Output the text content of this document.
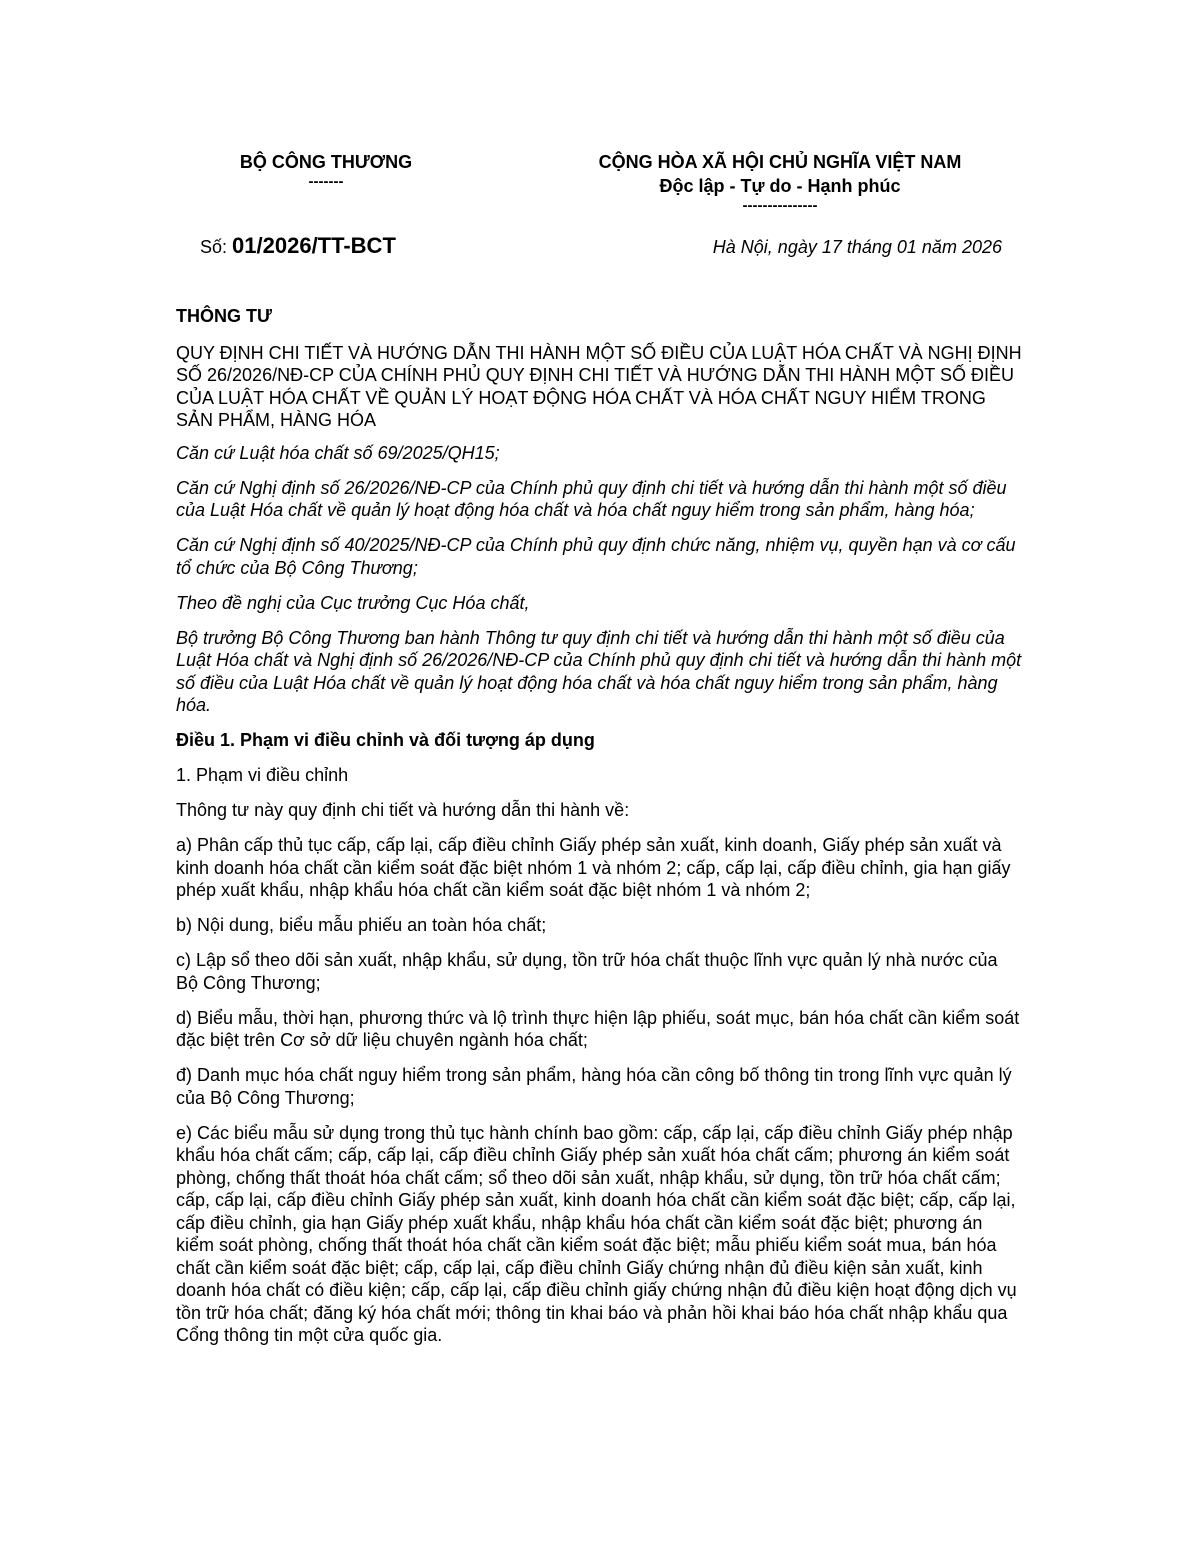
BỘ CÔNG THƯƠNG
-------
CỘNG HÒA XÃ HỘI CHỦ NGHĨA VIỆT NAM
Độc lập - Tự do - Hạnh phúc
---------------
Số: 01/2026/TT-BCT	Hà Nội, ngày 17 tháng 01 năm 2026

THÔNG TƯ

QUY ĐỊNH CHI TIẾT VÀ HƯỚNG DẪN THI HÀNH MỘT SỐ ĐIỀU CỦA LUẬT HÓA CHẤT VÀ NGHỊ ĐỊNH SỐ 26/2026/NĐ-CP CỦA CHÍNH PHỦ QUY ĐỊNH CHI TIẾT VÀ HƯỚNG DẪN THI HÀNH MỘT SỐ ĐIỀU CỦA LUẬT HÓA CHẤT VỀ QUẢN LÝ HOẠT ĐỘNG HÓA CHẤT VÀ HÓA CHẤT NGUY HIỂM TRONG SẢN PHẨM, HÀNG HÓA

Căn cứ Luật hóa chất số 69/2025/QH15;

Căn cứ Nghị định số 26/2026/NĐ-CP của Chính phủ quy định chi tiết và hướng dẫn thi hành một số điều của Luật Hóa chất về quản lý hoạt động hóa chất và hóa chất nguy hiểm trong sản phẩm, hàng hóa;

Căn cứ Nghị định số 40/2025/NĐ-CP của Chính phủ quy định chức năng, nhiệm vụ, quyền hạn và cơ cấu tổ chức của Bộ Công Thương;

Theo đề nghị của Cục trưởng Cục Hóa chất,

Bộ trưởng Bộ Công Thương ban hành Thông tư quy định chi tiết và hướng dẫn thi hành một số điều của Luật Hóa chất và Nghị định số 26/2026/NĐ-CP của Chính phủ quy định chi tiết và hướng dẫn thi hành một số điều của Luật Hóa chất về quản lý hoạt động hóa chất và hóa chất nguy hiểm trong sản phẩm, hàng hóa.

Điều 1. Phạm vi điều chỉnh và đối tượng áp dụng

1. Phạm vi điều chỉnh

Thông tư này quy định chi tiết và hướng dẫn thi hành về:

a) Phân cấp thủ tục cấp, cấp lại, cấp điều chỉnh Giấy phép sản xuất, kinh doanh, Giấy phép sản xuất và kinh doanh hóa chất cần kiểm soát đặc biệt nhóm 1 và nhóm 2; cấp, cấp lại, cấp điều chỉnh, gia hạn giấy phép xuất khẩu, nhập khẩu hóa chất cần kiểm soát đặc biệt nhóm 1 và nhóm 2;

b) Nội dung, biểu mẫu phiếu an toàn hóa chất;

c) Lập sổ theo dõi sản xuất, nhập khẩu, sử dụng, tồn trữ hóa chất thuộc lĩnh vực quản lý nhà nước của Bộ Công Thương;

d) Biểu mẫu, thời hạn, phương thức và lộ trình thực hiện lập phiếu, soát mục, bán hóa chất cần kiểm soát đặc biệt trên Cơ sở dữ liệu chuyên ngành hóa chất;

đ) Danh mục hóa chất nguy hiểm trong sản phẩm, hàng hóa cần công bố thông tin trong lĩnh vực quản lý của Bộ Công Thương;

e) Các biểu mẫu sử dụng trong thủ tục hành chính bao gồm: cấp, cấp lại, cấp điều chỉnh Giấy phép nhập khẩu hóa chất cấm; cấp, cấp lại, cấp điều chỉnh Giấy phép sản xuất hóa chất cấm; phương án kiểm soát phòng, chống thất thoát hóa chất cấm; sổ theo dõi sản xuất, nhập khẩu, sử dụng, tồn trữ hóa chất cấm; cấp, cấp lại, cấp điều chỉnh Giấy phép sản xuất, kinh doanh hóa chất cần kiểm soát đặc biệt; cấp, cấp lại, cấp điều chỉnh, gia hạn Giấy phép xuất khẩu, nhập khẩu hóa chất cần kiểm soát đặc biệt; phương án kiểm soát phòng, chống thất thoát hóa chất cần kiểm soát đặc biệt; mẫu phiếu kiểm soát mua, bán hóa chất cần kiểm soát đặc biệt; cấp, cấp lại, cấp điều chỉnh Giấy chứng nhận đủ điều kiện sản xuất, kinh doanh hóa chất có điều kiện; cấp, cấp lại, cấp điều chỉnh giấy chứng nhận đủ điều kiện hoạt động dịch vụ tồn trữ hóa chất; đăng ký hóa chất mới; thông tin khai báo và phản hồi khai báo hóa chất nhập khẩu qua Cổng thông tin một cửa quốc gia.
